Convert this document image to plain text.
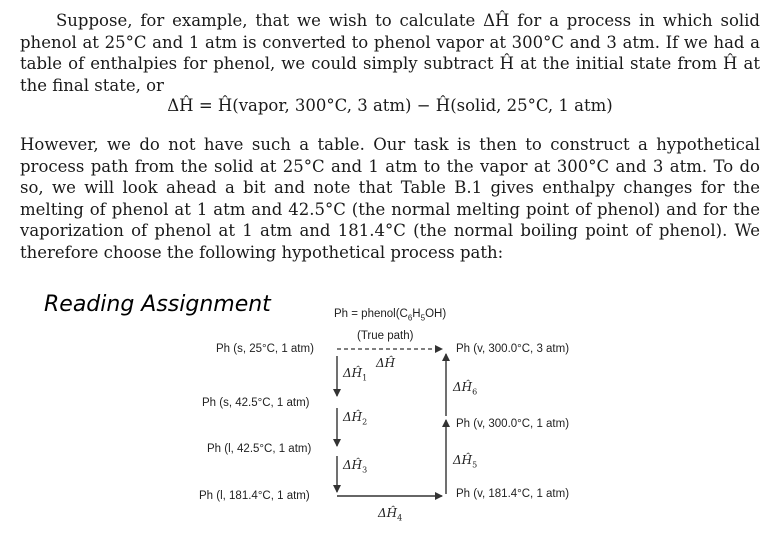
Suppose, for example, that we wish to calculate ΔĤ for a process in which solid phenol at 25°C and 1 atm is converted to phenol vapor at 300°C and 3 atm. If we had a table of enthalpies for phenol, we could simply subtract Ĥ at the initial state from Ĥ at the final state, or

ΔĤ = Ĥ(vapor, 300°C, 3 atm) − Ĥ(solid, 25°C, 1 atm)

However, we do not have such a table. Our task is then to construct a hypothetical process path from the solid at 25°C and 1 atm to the vapor at 300°C and 3 atm. To do so, we will look ahead a bit and note that Table B.1 gives enthalpy changes for the melting of phenol at 1 atm and 42.5°C (the normal melting point of phenol) and for the vaporization of phenol at 1 atm and 181.4°C (the normal boiling point of phenol). We therefore choose the following hypothetical process path:

Reading Assignment	$Ph = phenol(C_6H_5OH)$
(True path)
ΔĤ
Ph (s, 25°C, 1 atm)
Ph (s, 42.5°C, 1 atm)
Ph (l, 42.5°C, 1 atm)
Ph (l, 181.4°C, 1 atm)
Ph (v, 300.0°C, 3 atm)
Ph (v, 300.0°C, 1 atm)
Ph (v, 181.4°C, 1 atm)
$\Delta Ĥ_1$
$\Delta Ĥ_2$
$\Delta Ĥ_3$
$\Delta Ĥ_4$
$\Delta Ĥ_5$
$\Delta Ĥ_6$
